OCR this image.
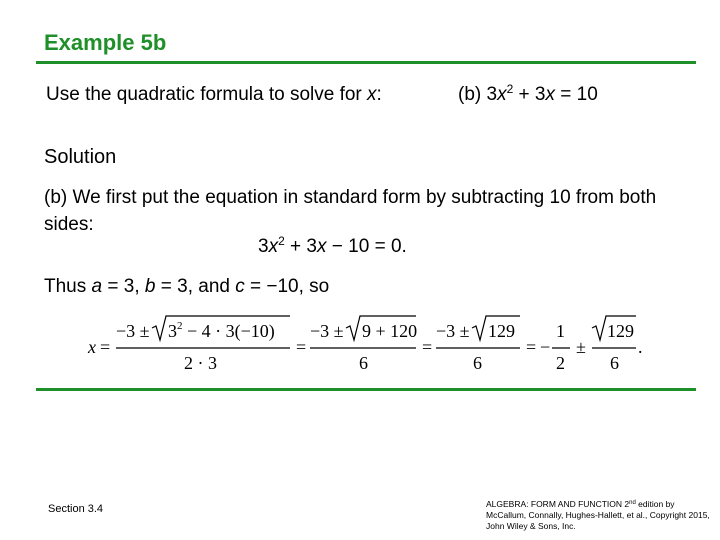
Example 5b
Use the quadratic formula to solve for x:	(b) $3x^2 + 3x = 10$
Solution
(b) We first put the equation in standard form by subtracting 10 from both sides:
$3x^2 + 3x - 10 = 0$.
Thus a = 3, b = 3, and c = −10, so
x =
$-3 \pm 3^2 - 4 \cdot 3(-10)$
2 · 3
=
−3 ± 9 + 120
6
=
−3 ± 129
6
= −
1
2
±
129
6
.
Section 3.4	ALGEBRA: FORM AND FUNCTION 2nd edition by McCallum, Connally, Hughes-Hallett, et al., Copyright 2015, John Wiley & Sons, Inc.
